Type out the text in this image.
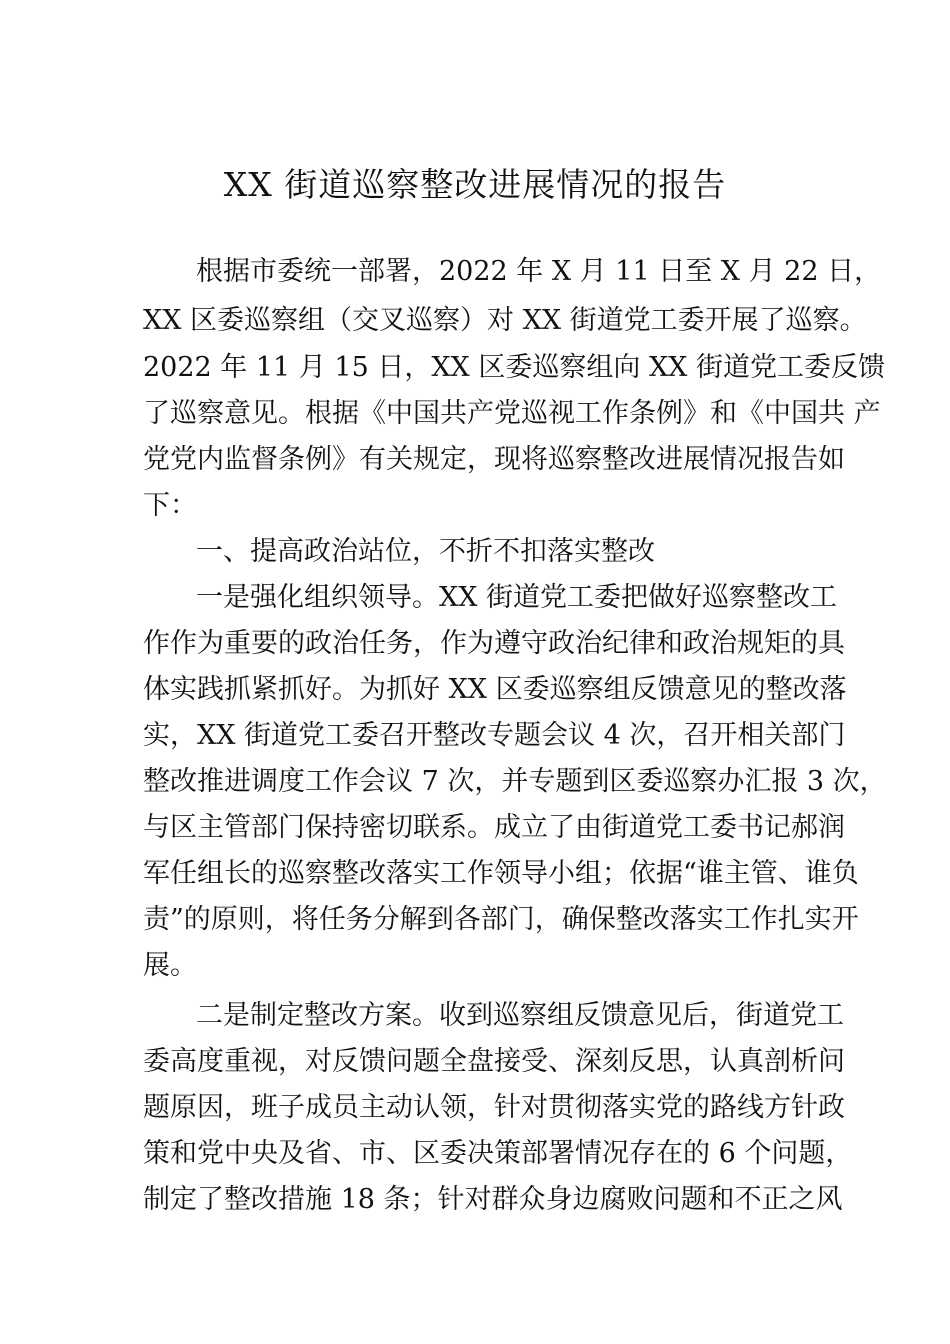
XX 街道巡察整改进展情况的报告
根据市委统一部署，2022 年 X 月 11 日至 X 月 22 日，
XX 区委巡察组（交叉巡察）对 XX 街道党工委开展了巡察。
2022 年 11 月 15 日，XX 区委巡察组向 XX 街道党工委反馈
了巡察意见。根据《中国共产党巡视工作条例》和《中国共 产
党党内监督条例》有关规定，现将巡察整改进展情况报告如
下：
一、提高政治站位，不折不扣落实整改
一是强化组织领导。XX 街道党工委把做好巡察整改工
作作为重要的政治任务，作为遵守政治纪律和政治规矩的具
体实践抓紧抓好。为抓好 XX 区委巡察组反馈意见的整改落
实，XX 街道党工委召开整改专题会议 4 次，召开相关部门
整改推进调度工作会议 7 次，并专题到区委巡察办汇报 3 次，
与区主管部门保持密切联系。成立了由街道党工委书记郝润
军任组长的巡察整改落实工作领导小组；依据“谁主管、谁负
责”的原则，将任务分解到各部门，确保整改落实工作扎实开
展。
二是制定整改方案。收到巡察组反馈意见后，街道党工
委高度重视，对反馈问题全盘接受、深刻反思，认真剖析问
题原因，班子成员主动认领，针对贯彻落实党的路线方针政
策和党中央及省、市、区委决策部署情况存在的 6 个问题，
制定了整改措施 18 条；针对群众身边腐败问题和不正之风
